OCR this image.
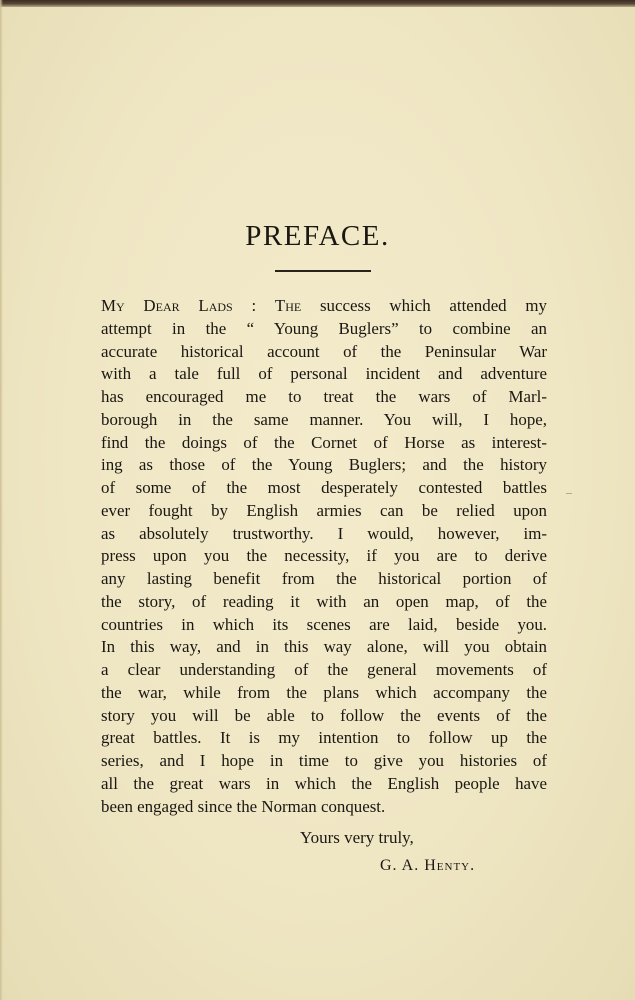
PREFACE.
My Dear Lads : The success which attended my
attempt in the “ Young Buglers” to combine an
accurate historical account of the Peninsular War
with a tale full of personal incident and adventure
has encouraged me to treat the wars of Marl-
borough in the same manner. You will, I hope,
find the doings of the Cornet of Horse as interest-
ing as those of the Young Buglers; and the history
of some of the most desperately contested battles
ever fought by English armies can be relied upon
as absolutely trustworthy. I would, however, im-
press upon you the necessity, if you are to derive
any lasting benefit from the historical portion of
the story, of reading it with an open map, of the
countries in which its scenes are laid, beside you.
In this way, and in this way alone, will you obtain
a clear understanding of the general movements of
the war, while from the plans which accompany the
story you will be able to follow the events of the
great battles. It is my intention to follow up the
series, and I hope in time to give you histories of
all the great wars in which the English people have
been engaged since the Norman conquest.
Yours very truly,
G. A. Henty.
